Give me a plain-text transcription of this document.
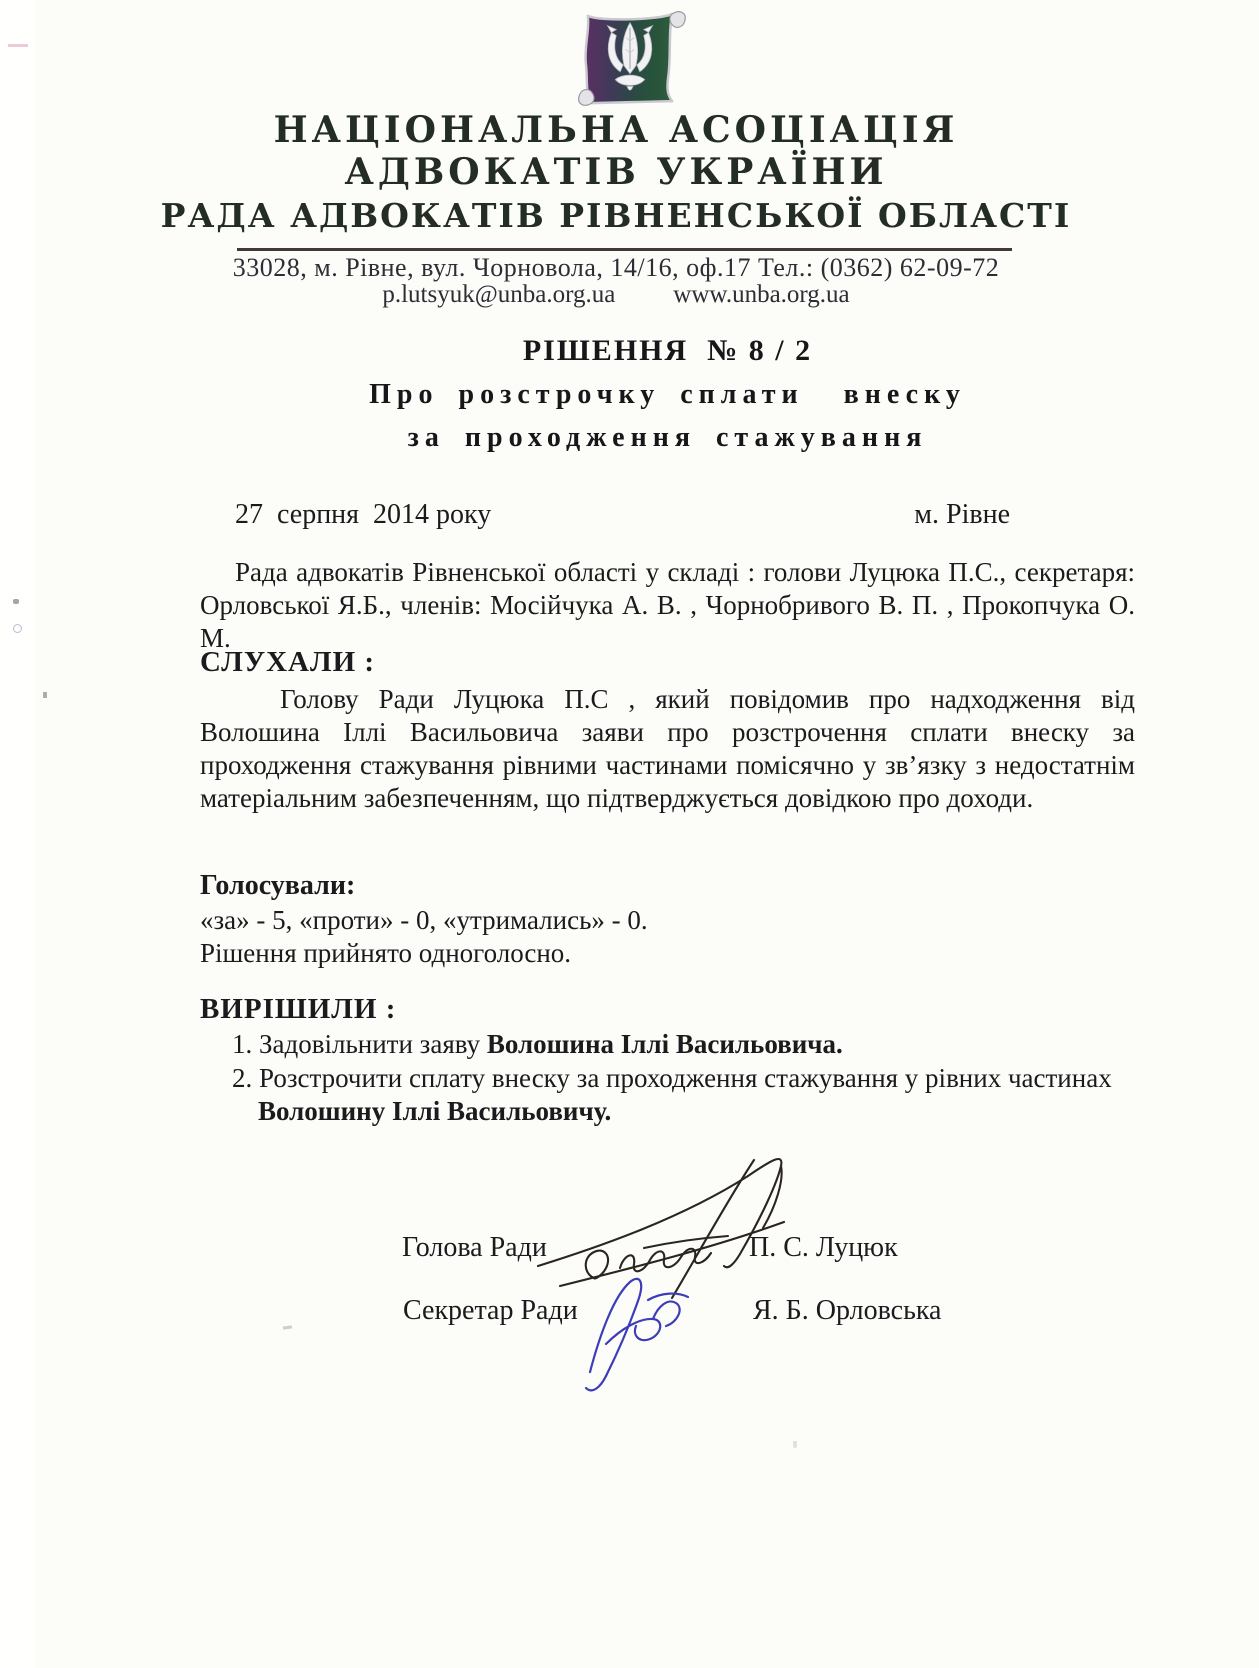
НАЦІОНАЛЬНА АСОЦІАЦІЯ
АДВОКАТІВ УКРАЇНИ
РАДА АДВОКАТІВ РІВНЕНСЬКОЇ ОБЛАСТІ
33028, м. Рівне, вул. Чорновола, 14/16, оф.17 Тел.: (0362) 62-09-72
p.lutsyuk@unba.org.ua www.unba.org.ua
РІШЕННЯ  № 8 / 2
Про розстрочку сплати  внеску
за проходження стажування
27  серпня  2014 року	м. Рівне
Рада адвокатів Рівненської області у складі : голови Луцюка П.С., секретаря: Орловської Я.Б., членів: Мосійчука А. В. , Чорнобривого В. П. , Прокопчука О. М.
СЛУХАЛИ :
Голову Ради Луцюка П.С , який повідомив про надходження від Волошина Іллі Васильовича заяви про розстрочення сплати внеску за проходження стажування рівними частинами помісячно у зв’язку з недостатнім матеріальним забезпеченням, що підтверджується довідкою про доходи.
Голосували:
«за» - 5, «проти» - 0, «утримались» - 0.
Рішення прийнято одноголосно.
ВИРІШИЛИ :
1. Задовільнити заяву Волошина Іллі Васильовича.
2. Розстрочити сплату внеску за проходження стажування у рівних частинах
Волошину Іллі Васильовичу.
Голова Ради	П. С. Луцюк
Секретар Ради	Я. Б. Орловська
